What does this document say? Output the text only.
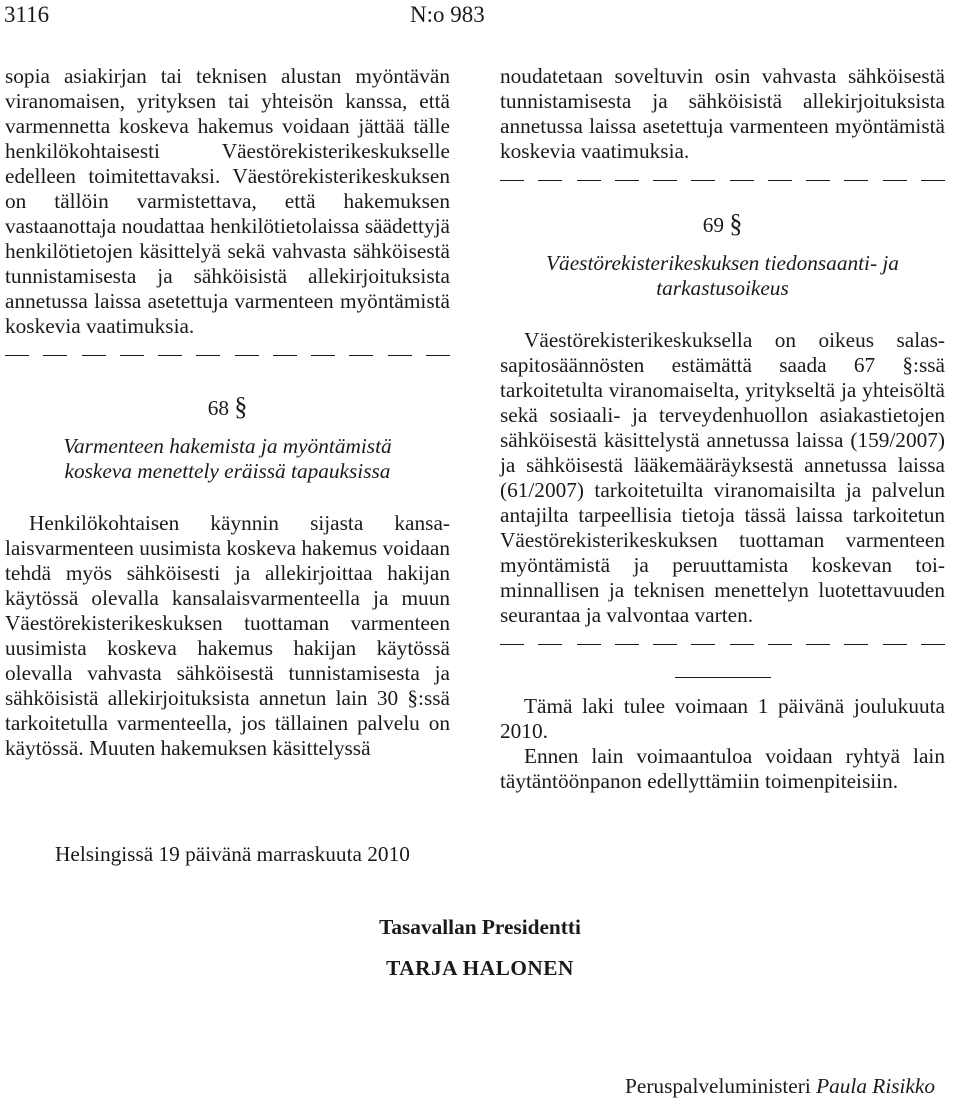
3116	N:o 983
sopia asiakirjan tai teknisen alustan myöntävän viranomaisen, yrityksen tai yhteisön kanssa, että varmennetta koskeva hakemus voidaan jättää tälle henkilökohtaisesti Väestörekisterikeskukselle edelleen toimitettavaksi. Väestörekisterikeskuksen on tällöin varmistettava, että hakemuksen vastaanottaja noudattaa henkilötietolaissa säädettyjä henkilötietojen käsittelyä sekä vahvasta sähköisestä tunnistamisesta ja sähköisistä allekirjoituksista annetussa laissa asetettuja varmenteen myöntämistä koskevia vaatimuksia.
68 §
Varmenteen hakemista ja myöntämistä
koskeva menettely eräissä tapauksissa
Henkilökohtaisen käynnin sijasta kansalaisvarmenteen uusimista koskeva hakemus voidaan tehdä myös sähköisesti ja allekirjoittaa hakijan käytössä olevalla kansalaisvarmenteella ja muun Väestörekisterikeskuksen tuottaman varmenteen uusimista koskeva hakemus hakijan käytössä olevalla vahvasta sähköisestä tunnistamisesta ja sähköisistä allekirjoituksista annetun lain 30 §:ssä tarkoitetulla varmenteella, jos tällainen palvelu on käytössä. Muuten hakemuksen käsittelyssä
noudatetaan soveltuvin osin vahvasta sähköisestä tunnistamisesta ja sähköisistä allekirjoituksista annetussa laissa asetettuja varmenteen myöntämistä koskevia vaatimuksia.
69 §
Väestörekisterikeskuksen tiedonsaanti- ja
tarkastusoikeus
Väestörekisterikeskuksella on oikeus salassapitosäännösten estämättä saada 67 §:ssä tarkoitetulta viranomaiselta, yritykseltä ja yhteisöltä sekä sosiaali- ja terveydenhuollon asiakastietojen sähköisestä käsittelystä annetussa laissa (159/2007) ja sähköisestä lääkemääräyksestä annetussa laissa (61/2007) tarkoitetuilta viranomaisilta ja palvelun antajilta tarpeellisia tietoja tässä laissa tarkoitetun Väestörekisterikeskuksen tuottaman varmenteen myöntämistä ja peruuttamista koskevan toiminnallisen ja teknisen menettelyn luotettavuuden seurantaa ja valvontaa varten.
Tämä laki tulee voimaan 1 päivänä joulukuuta 2010.
Ennen lain voimaantuloa voidaan ryhtyä lain täytäntöönpanon edellyttämiin toimenpiteisiin.
Helsingissä 19 päivänä marraskuuta 2010
Tasavallan Presidentti
TARJA HALONEN
Peruspalveluministeri Paula Risikko
